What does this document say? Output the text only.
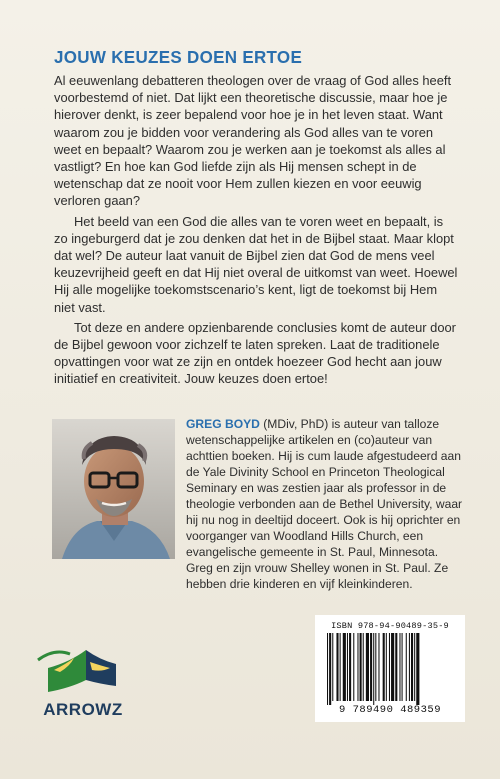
JOUW KEUZES DOEN ERTOE

Al eeuwenlang debatteren theologen over de vraag of God alles heeft voorbestemd of niet. Dat lijkt een theoretische discussie, maar hoe je hierover denkt, is zeer bepalend voor hoe je in het leven staat. Want waarom zou je bidden voor verandering als God alles van te voren weet en bepaalt? Waarom zou je werken aan je toekomst als alles al vastligt? En hoe kan God liefde zijn als Hij mensen schept in de wetenschap dat ze nooit voor Hem zullen kiezen en voor eeuwig verloren gaan?

Het beeld van een God die alles van te voren weet en bepaalt, is zo ingeburgerd dat je zou denken dat het in de Bijbel staat. Maar klopt dat wel? De auteur laat vanuit de Bijbel zien dat God de mens veel keuzevrijheid geeft en dat Hij niet overal de uitkomst van weet. Hoewel Hij alle mogelijke toekomstscenario’s kent, ligt de toekomst bij Hem niet vast.

Tot deze en andere opzienbarende conclusies komt de auteur door de Bijbel gewoon voor zichzelf te laten spreken. Laat de traditionele opvattingen voor wat ze zijn en ontdek hoezeer God hecht aan jouw initiatief en creativiteit. Jouw keuzes doen ertoe!

GREG BOYD (MDiv, PhD) is auteur van talloze wetenschappelijke artikelen en (co)auteur van achttien boeken. Hij is cum laude afgestudeerd aan de Yale Divinity School en Princeton Theological Seminary en was zestien jaar als professor in de theologie verbonden aan de Bethel University, waar hij nu nog in deeltijd doceert. Ook is hij oprichter en voorganger van Woodland Hills Church, een evangelische gemeente in St. Paul, Minnesota. Greg en zijn vrouw Shelley wonen in St. Paul. Ze hebben drie kinderen en vijf kleinkinderen.
ARROWZ
ISBN 978-94-90489-35-9
9 789490 489359
